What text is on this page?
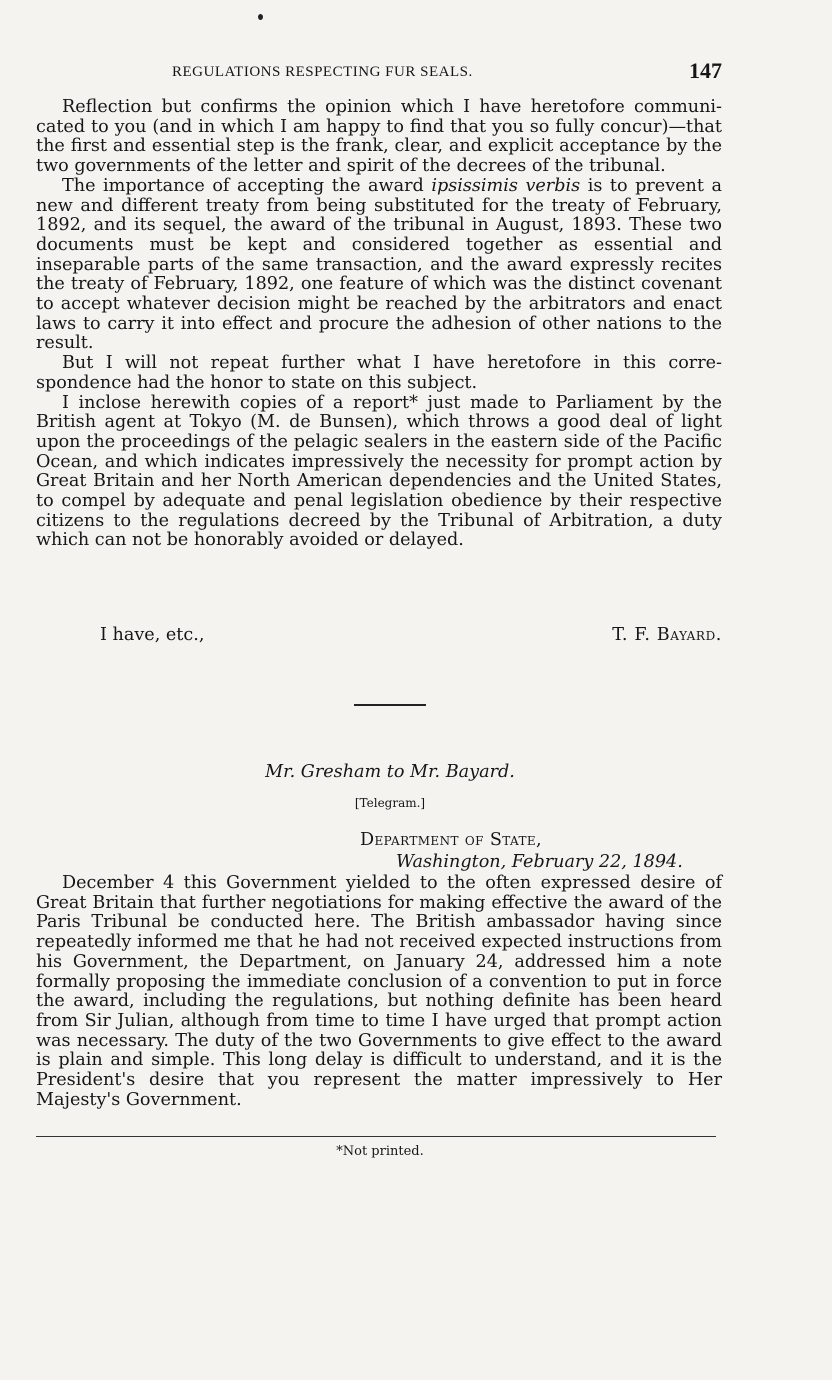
REGULATIONS RESPECTING FUR SEALS.	147

Reflection but confirms the opinion which I have heretofore communicated to you (and in which I am happy to find that you so fully concur)—that the first and essential step is the frank, clear, and explicit acceptance by the two governments of the letter and spirit of the decrees of the tribunal.

The importance of accepting the award ipsissimis verbis is to prevent a new and different treaty from being substituted for the treaty of February, 1892, and its sequel, the award of the tribunal in August, 1893. These two documents must be kept and considered together as essential and inseparable parts of the same transaction, and the award expressly recites the treaty of February, 1892, one feature of which was the distinct covenant to accept whatever decision might be reached by the arbitrators and enact laws to carry it into effect and procure the adhesion of other nations to the result.

But I will not repeat further what I have heretofore in this correspondence had the honor to state on this subject.

I inclose herewith copies of a report* just made to Parliament by the British agent at Tokyo (M. de Bunsen), which throws a good deal of light upon the proceedings of the pelagic sealers in the eastern side of the Pacific Ocean, and which indicates impressively the necessity for prompt action by Great Britain and her North American dependencies and the United States, to compel by adequate and penal legislation obedience by their respective citizens to the regulations decreed by the Tribunal of Arbitration, a duty which can not be honorably avoided or delayed.

I have, etc.,	T. F. Bayard.
Mr. Gresham to Mr. Bayard.
[Telegram.]
Department of State,
Washington, February 22, 1894.

December 4 this Government yielded to the often expressed desire of Great Britain that further negotiations for making effective the award of the Paris Tribunal be conducted here. The British ambassador having since repeatedly informed me that he had not received expected instructions from his Government, the Department, on January 24, addressed him a note formally proposing the immediate conclusion of a convention to put in force the award, including the regulations, but nothing definite has been heard from Sir Julian, although from time to time I have urged that prompt action was necessary. The duty of the two Governments to give effect to the award is plain and simple. This long delay is difficult to understand, and it is the President's desire that you represent the matter impressively to Her Majesty's Government.

*Not printed.
